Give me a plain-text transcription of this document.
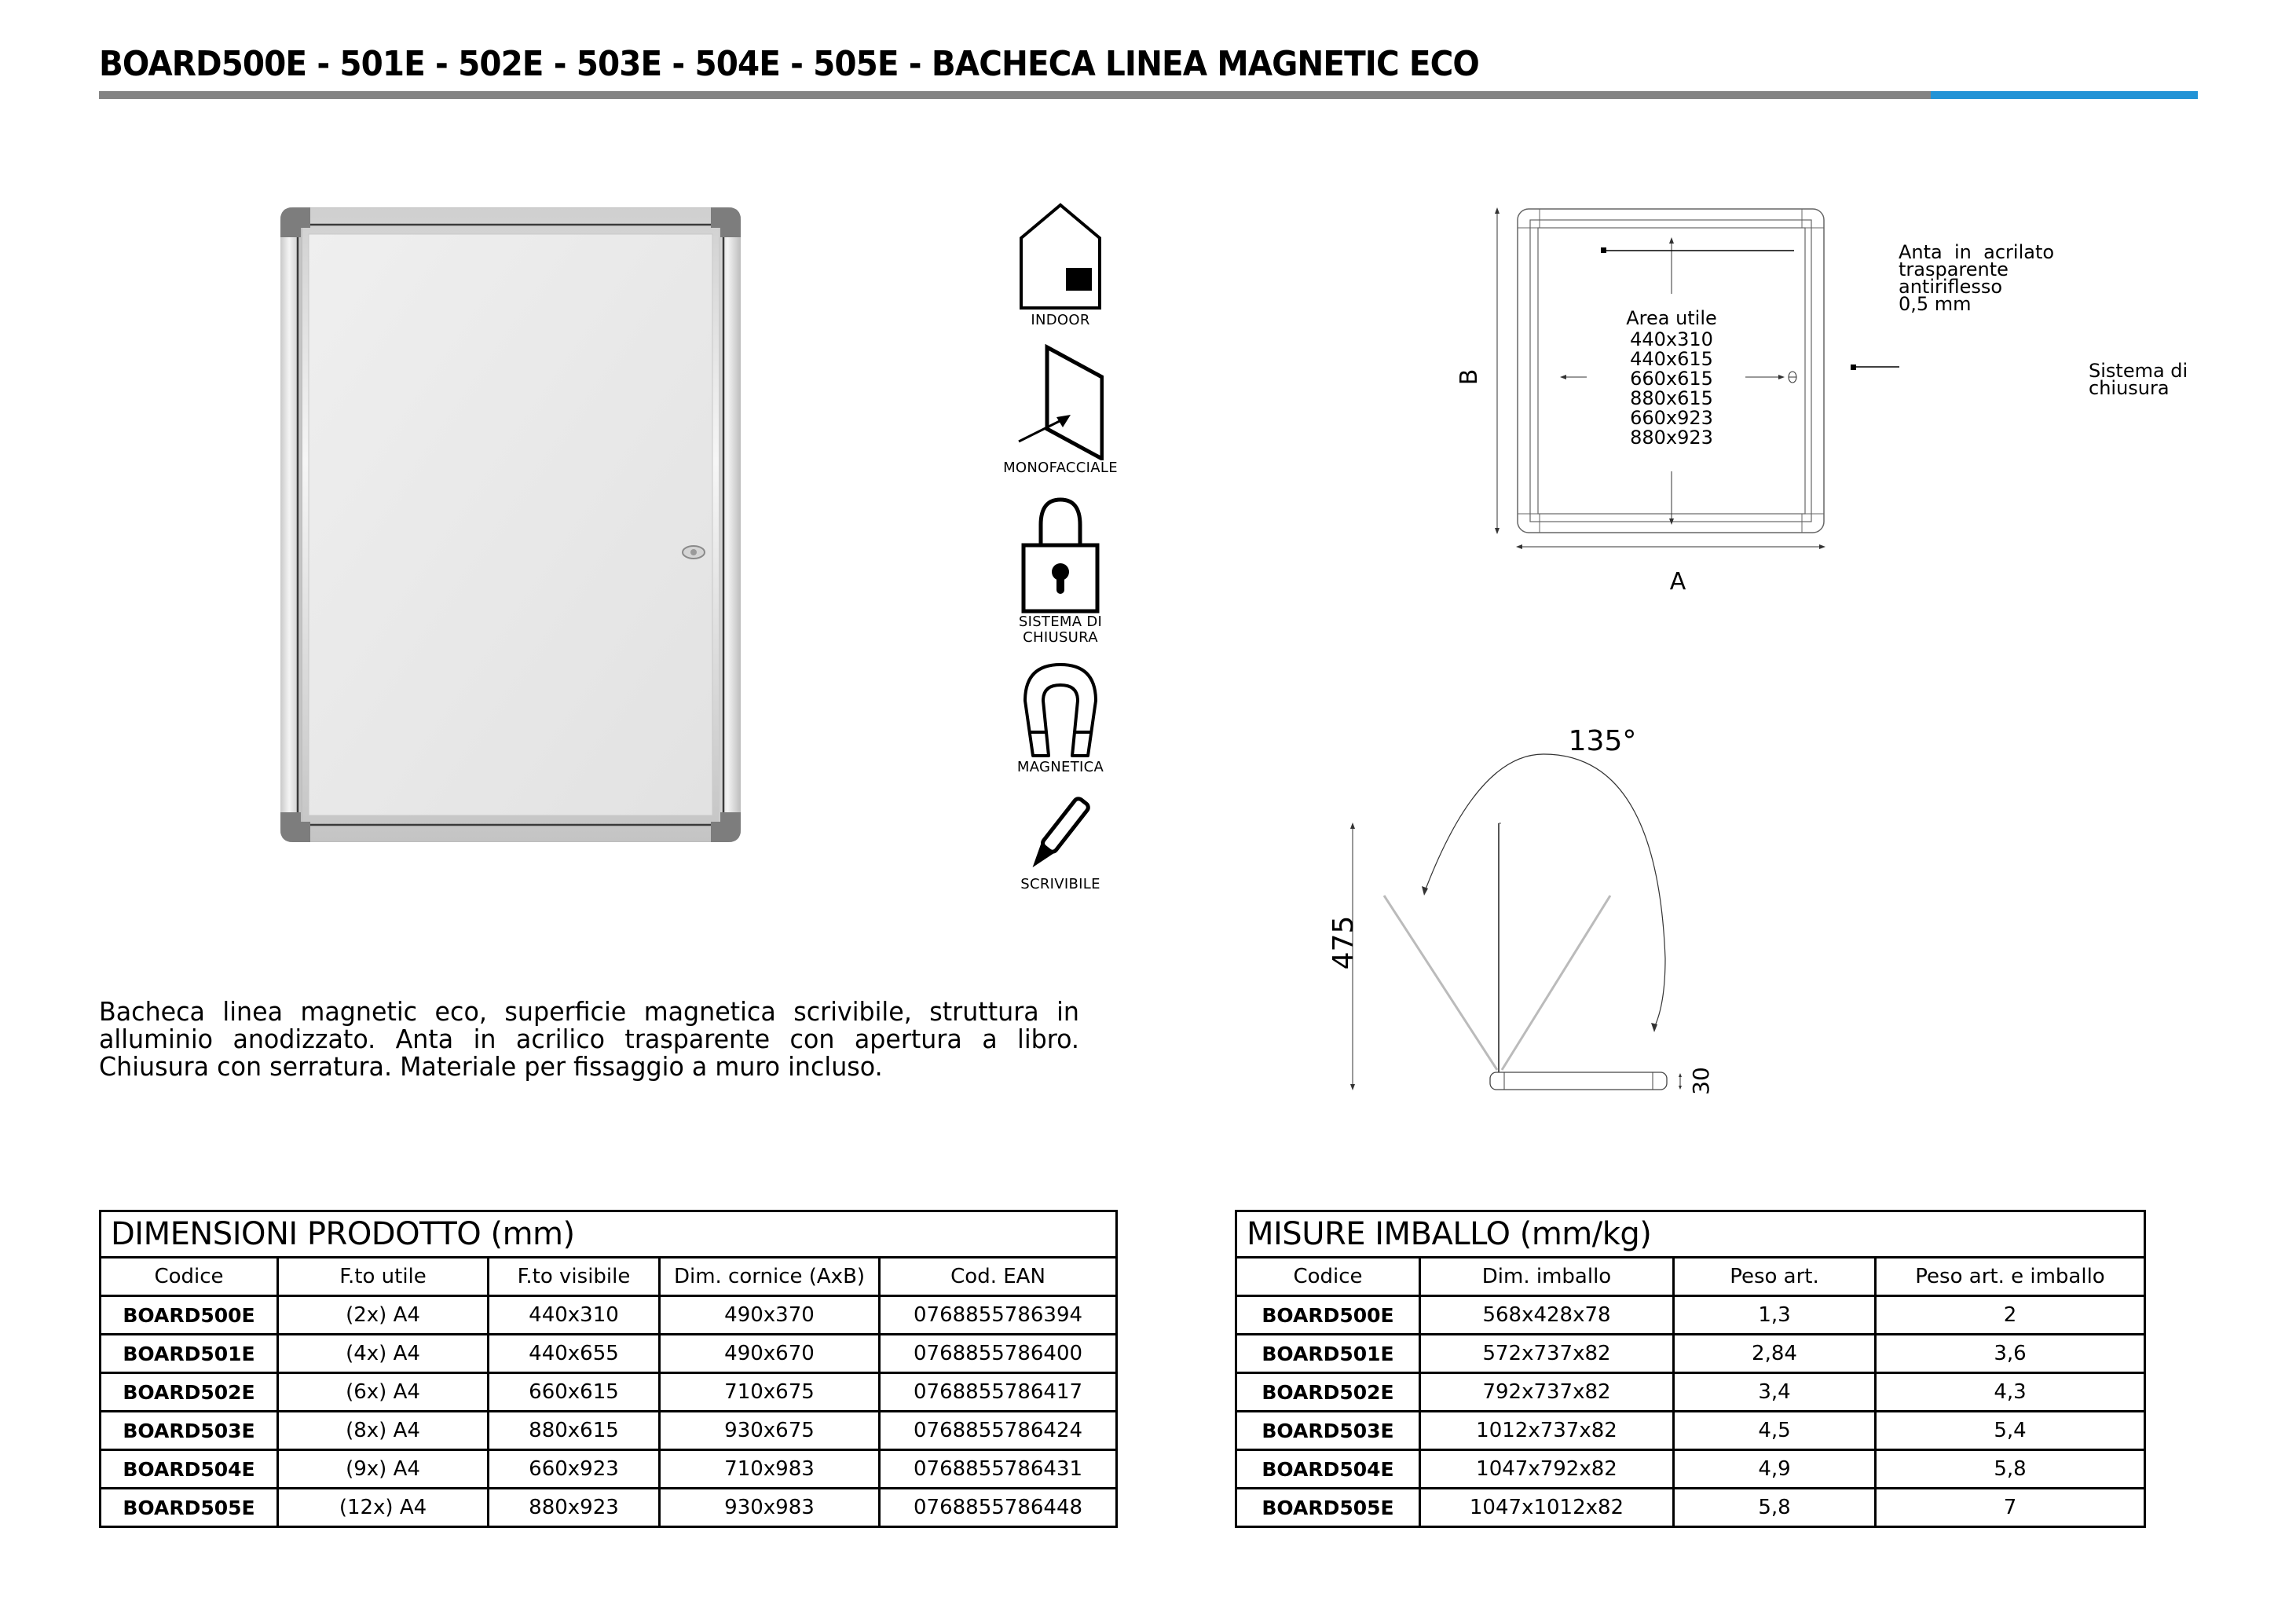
BOARD500E - 501E - 502E - 503E - 504E - 505E - BACHECA LINEA MAGNETIC ECO
INDOOR
MONOFACCIALE
SISTEMA DI
CHIUSURA
MAGNETICA
SCRIVIBILE
Bacheca linea magnetic eco, superficie magnetica scrivibile, struttura in alluminio anodizzato. Anta in acrilico trasparente con apertura a libro. Chiusura con serratura. Materiale per fissaggio a muro incluso.
B
A
Area utile
440x310
440x615
660x615
880x615
660x923
880x923
Anta  in  acrilato
trasparente
antiriflesso
0,5 mm
Sistema di
chiusura
135°
475
30
DIMENSIONI PRODOTTO (mm)				
Codice	F.to utile	F.to visibile	Dim. cornice (AxB)	Cod. EAN
BOARD500E	(2x) A4	440x310	490x370	0768855786394
BOARD501E	(4x) A4	440x655	490x670	0768855786400
BOARD502E	(6x) A4	660x615	710x675	0768855786417
BOARD503E	(8x) A4	880x615	930x675	0768855786424
BOARD504E	(9x) A4	660x923	710x983	0768855786431
BOARD505E	(12x) A4	880x923	930x983	0768855786448
MISURE IMBALLO (mm/kg)			
Codice	Dim. imballo	Peso art.	Peso art. e imballo
BOARD500E	568x428x78	1,3	2
BOARD501E	572x737x82	2,84	3,6
BOARD502E	792x737x82	3,4	4,3
BOARD503E	1012x737x82	4,5	5,4
BOARD504E	1047x792x82	4,9	5,8
BOARD505E	1047x1012x82	5,8	7
